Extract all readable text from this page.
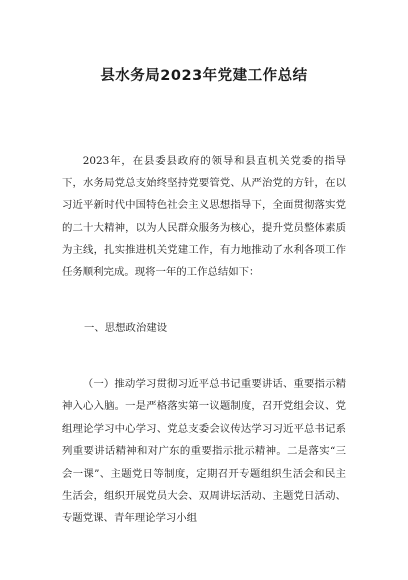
县水务局2023年党建工作总结

2023年，在县委县政府的领导和县直机关党委的指导下，水务局党总支始终坚持党要管党、从严治党的方针，在以习近平新时代中国特色社会主义思想指导下，全面贯彻落实党的二十大精神，以为人民群众服务为核心，提升党员整体素质为主线，扎实推进机关党建工作，有力地推动了水利各项工作任务顺利完成。现将一年的工作总结如下：

一、思想政治建设

（一）推动学习贯彻习近平总书记重要讲话、重要指示精神入心入脑。一是严格落实第一议题制度，召开党组会议、党组理论学习中心学习、党总支委会议传达学习习近平总书记系列重要讲话精神和对广东的重要指示批示精神。二是落实“三会一课”、主题党日等制度，定期召开专题组织生活会和民主生活会，组织开展党员大会、双周讲坛活动、主题党日活动、专题党课、青年理论学习小组
